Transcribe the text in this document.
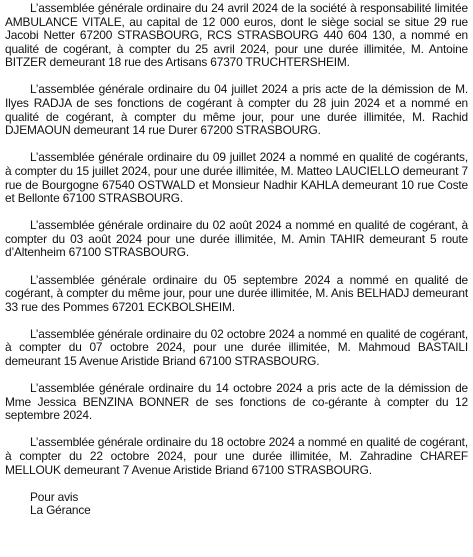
L’assemblée générale ordinaire du 24 avril 2024 de la société à responsabilité limitée AMBULANCE VITALE, au capital de 12 000 euros, dont le siège social se situe 29 rue Jacobi Netter 67200 STRASBOURG, RCS STRASBOURG 440 604 130, a nommé en qualité de cogérant, à compter du 25 avril 2024, pour une durée illimitée, M. Antoine BITZER demeurant 18 rue des Artisans 67370 TRUCHTERSHEIM.

L’assemblée générale ordinaire du 04 juillet 2024 a pris acte de la démission de M. Ilyes RADJA de ses fonctions de cogérant à compter du 28 juin 2024 et a nommé en qualité de cogérant, à compter du même jour, pour une durée illimitée, M. Rachid DJEMAOUN demeurant 14 rue Durer 67200 STRASBOURG.

L’assemblée générale ordinaire du 09 juillet 2024 a nommé en qualité de cogérants, à compter du 15 juillet 2024, pour une durée illimitée, M. Matteo LAUCIELLO demeurant 7 rue de Bourgogne 67540 OSTWALD et Monsieur Nadhir KAHLA demeurant 10 rue Coste et Bellonte 67100 STRASBOURG.

L’assemblée générale ordinaire du 02 août 2024 a nommé en qualité de cogérant, à compter du 03 août 2024 pour une durée illimitée, M. Amin TAHIR demeurant 5 route d’Altenheim 67100 STRASBOURG.

L’assemblée générale ordinaire du 05 septembre 2024 a nommé en qualité de cogérant, à compter du même jour, pour une durée illimitée, M. Anis BELHADJ demeurant 33 rue des Pommes 67201 ECKBOLSHEIM.

L’assemblée générale ordinaire du 02 octobre 2024 a nommé en qualité de cogérant, à compter du 07 octobre 2024, pour une durée illimitée, M. Mahmoud BASTAILI demeurant 15 Avenue Aristide Briand 67100 STRASBOURG.

L’assemblée générale ordinaire du 14 octobre 2024 a pris acte de la démission de Mme Jessica BENZINA BONNER de ses fonctions de co-gérante à compter du 12 septembre 2024.

L’assemblée générale ordinaire du 18 octobre 2024 a nommé en qualité de cogérant, à compter du 22 octobre 2024, pour une durée illimitée, M. Zahradine CHAREF MELLOUK demeurant 7 Avenue Aristide Briand 67100 STRASBOURG.

Pour avis
La Gérance
